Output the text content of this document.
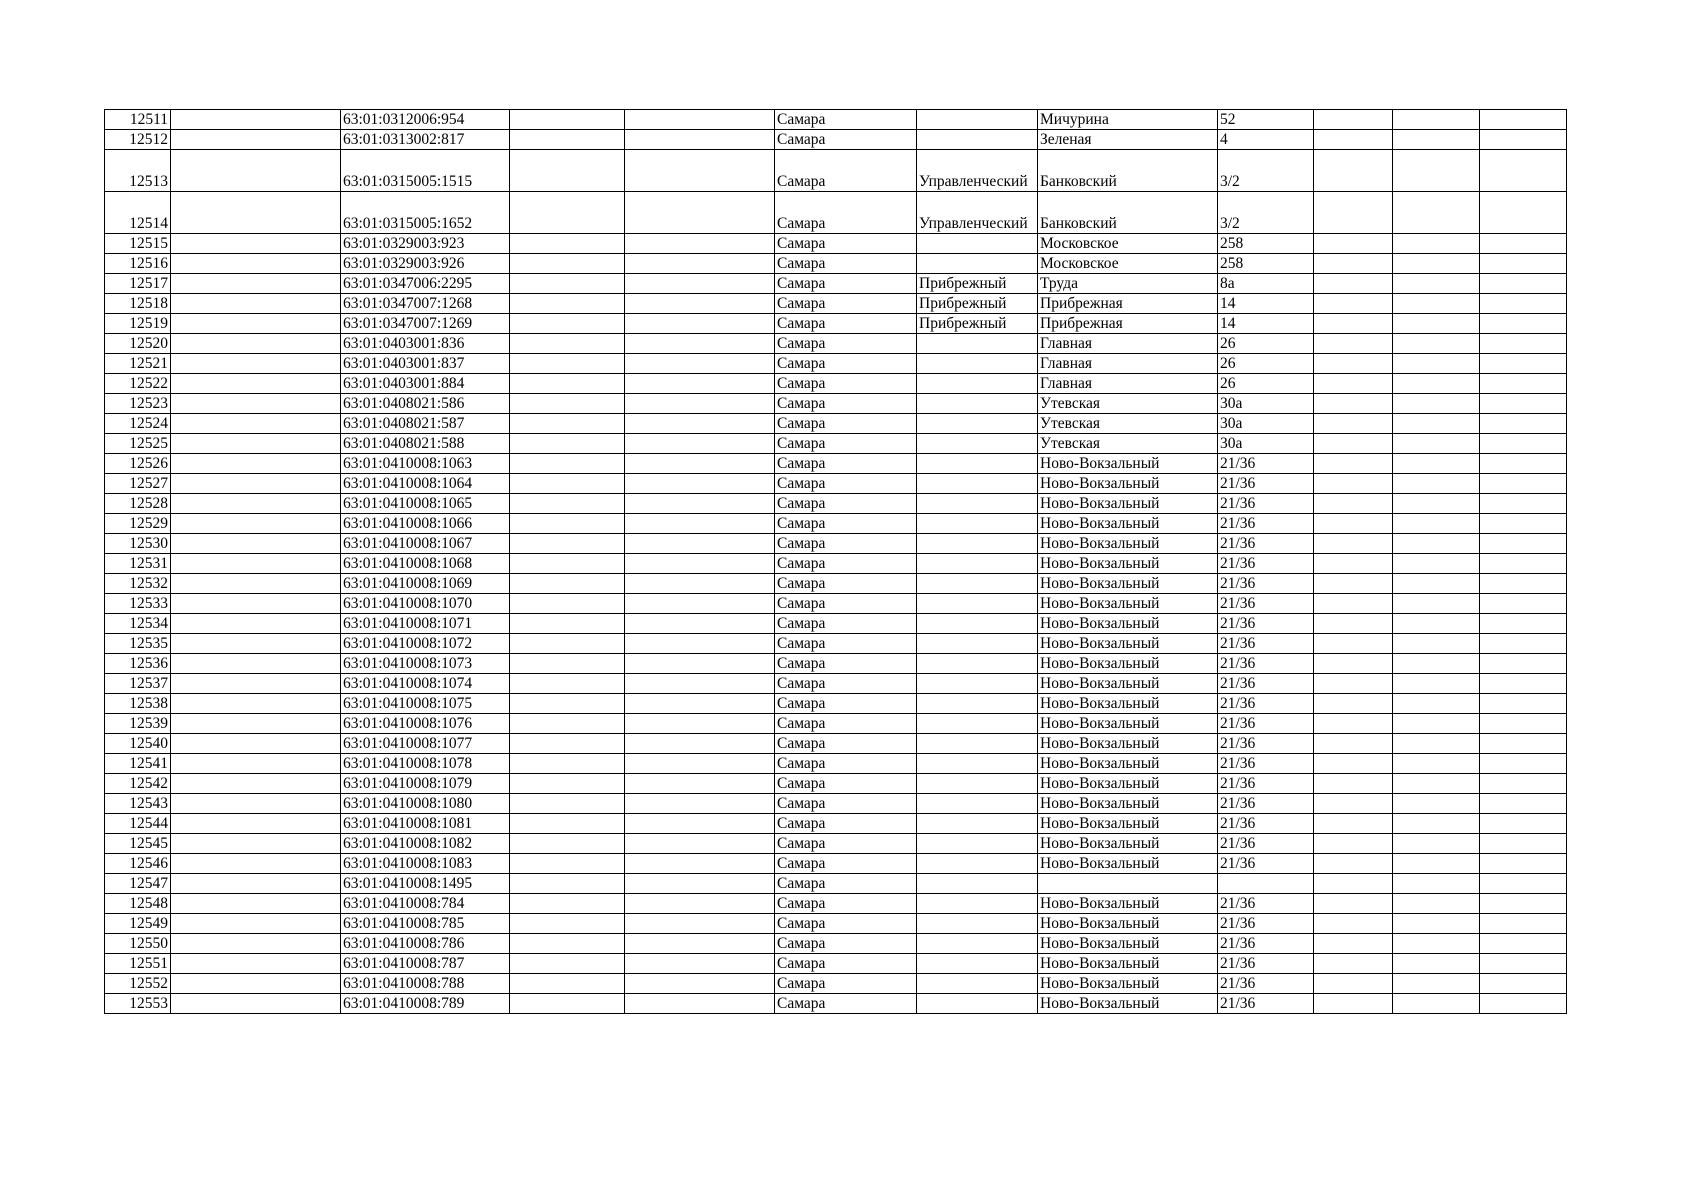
12511		63:01:0312006:954			Самара		Мичурина	52			
12512		63:01:0313002:817			Самара		Зеленая	4			
12513		63:01:0315005:1515			Самара	Управленческий	Банковский	3/2			
12514		63:01:0315005:1652			Самара	Управленческий	Банковский	3/2			
12515		63:01:0329003:923			Самара		Московское	258			
12516		63:01:0329003:926			Самара		Московское	258			
12517		63:01:0347006:2295			Самара	Прибрежный	Труда	8а			
12518		63:01:0347007:1268			Самара	Прибрежный	Прибрежная	14			
12519		63:01:0347007:1269			Самара	Прибрежный	Прибрежная	14			
12520		63:01:0403001:836			Самара		Главная	26			
12521		63:01:0403001:837			Самара		Главная	26			
12522		63:01:0403001:884			Самара		Главная	26			
12523		63:01:0408021:586			Самара		Утевская	30а			
12524		63:01:0408021:587			Самара		Утевская	30а			
12525		63:01:0408021:588			Самара		Утевская	30а			
12526		63:01:0410008:1063			Самара		Ново-Вокзальный	21/36			
12527		63:01:0410008:1064			Самара		Ново-Вокзальный	21/36			
12528		63:01:0410008:1065			Самара		Ново-Вокзальный	21/36			
12529		63:01:0410008:1066			Самара		Ново-Вокзальный	21/36			
12530		63:01:0410008:1067			Самара		Ново-Вокзальный	21/36			
12531		63:01:0410008:1068			Самара		Ново-Вокзальный	21/36			
12532		63:01:0410008:1069			Самара		Ново-Вокзальный	21/36			
12533		63:01:0410008:1070			Самара		Ново-Вокзальный	21/36			
12534		63:01:0410008:1071			Самара		Ново-Вокзальный	21/36			
12535		63:01:0410008:1072			Самара		Ново-Вокзальный	21/36			
12536		63:01:0410008:1073			Самара		Ново-Вокзальный	21/36			
12537		63:01:0410008:1074			Самара		Ново-Вокзальный	21/36			
12538		63:01:0410008:1075			Самара		Ново-Вокзальный	21/36			
12539		63:01:0410008:1076			Самара		Ново-Вокзальный	21/36			
12540		63:01:0410008:1077			Самара		Ново-Вокзальный	21/36			
12541		63:01:0410008:1078			Самара		Ново-Вокзальный	21/36			
12542		63:01:0410008:1079			Самара		Ново-Вокзальный	21/36			
12543		63:01:0410008:1080			Самара		Ново-Вокзальный	21/36			
12544		63:01:0410008:1081			Самара		Ново-Вокзальный	21/36			
12545		63:01:0410008:1082			Самара		Ново-Вокзальный	21/36			
12546		63:01:0410008:1083			Самара		Ново-Вокзальный	21/36			
12547		63:01:0410008:1495			Самара						
12548		63:01:0410008:784			Самара		Ново-Вокзальный	21/36			
12549		63:01:0410008:785			Самара		Ново-Вокзальный	21/36			
12550		63:01:0410008:786			Самара		Ново-Вокзальный	21/36			
12551		63:01:0410008:787			Самара		Ново-Вокзальный	21/36			
12552		63:01:0410008:788			Самара		Ново-Вокзальный	21/36			
12553		63:01:0410008:789			Самара		Ново-Вокзальный	21/36			
